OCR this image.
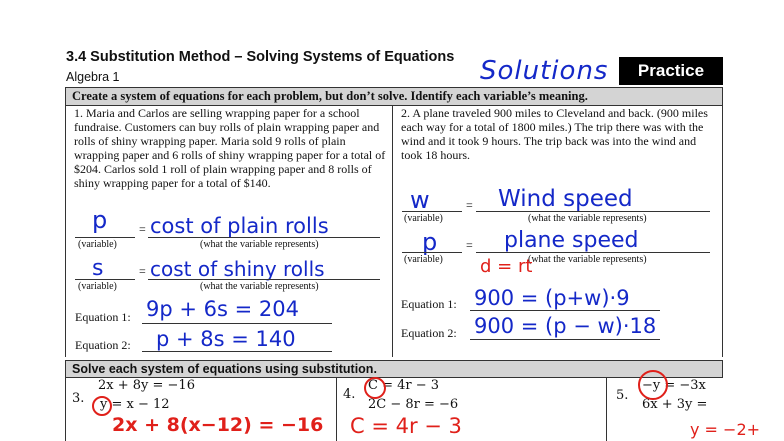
3.4 Substitution Method – Solving Systems of Equations
Algebra 1	Solutions	Practice
Create a system of equations for each problem, but don’t solve. Identify each variable’s meaning.
1. Maria and Carlos are selling wrapping paper for a school fundraise. Customers can buy rolls of plain wrapping paper and rolls of shiny wrapping paper. Maria sold 9 rolls of plain wrapping paper and 6 rolls of shiny wrapping paper for a total of $204. Carlos sold 1 roll of plain wrapping paper and 8 rolls of shiny wrapping paper for a total of $140.
p
(variable)
= cost of plain rolls
(what the variable represents)
s
(variable)
= cost of shiny rolls
(what the variable represents)
Equation 1: 9p + 6s = 204
Equation 2: p + 8s = 140
2. A plane traveled 900 miles to Cleveland and back. (900 miles each way for a total of 1800 miles.) The trip there was with the wind and it took 9 hours. The trip back was into the wind and took 18 hours.
w
(variable)
= Wind speed
(what the variable represents)
p
(variable)
= plane speed
(what the variable represents)
d = rt
Equation 1: 900 = (p+w)·9
Equation 2: 900 = (p − w)·18
Solve each system of equations using substitution.
3.
2x + 8y = −16
y = x − 12
2x + 8(x−12) = −16
4.
C = 4r − 3
2C − 8r = −6
C = 4r − 3
5.
−y = −3x
6x + 3y =
y = −2+
